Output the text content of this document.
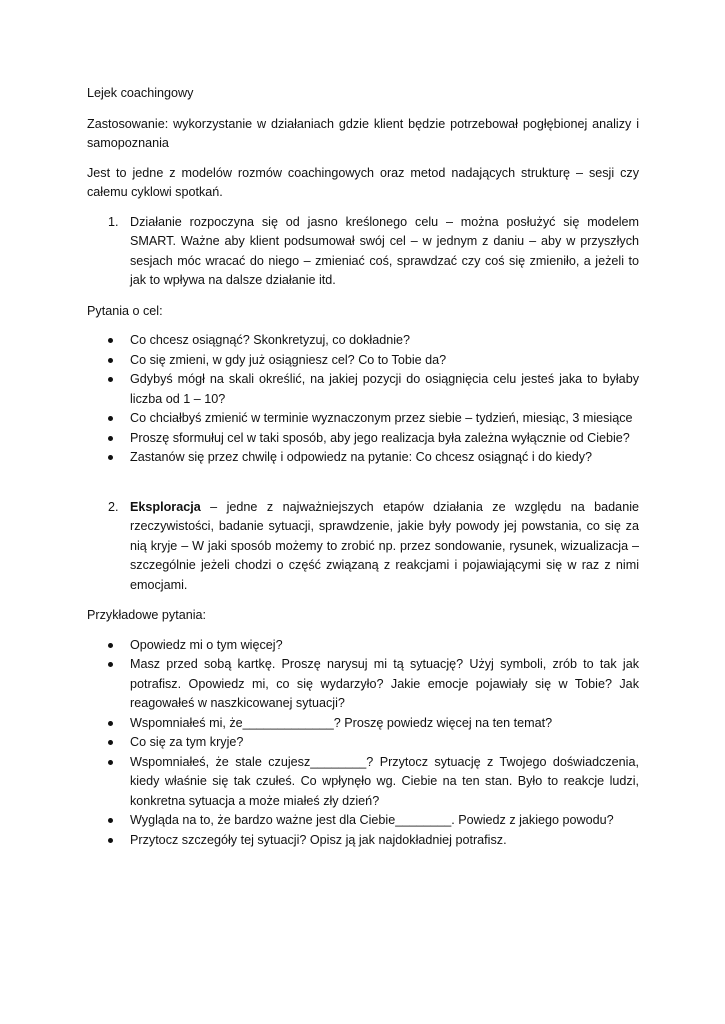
Lejek coachingowy

Zastosowanie: wykorzystanie w działaniach gdzie klient będzie potrzebował pogłębionej analizy i samopoznania

Jest to jedne z modelów rozmów coachingowych oraz metod nadających strukturę – sesji czy całemu cyklowi spotkań.

1. Działanie rozpoczyna się od jasno kreślonego celu – można posłużyć się modelem SMART. Ważne aby klient podsumował swój cel – w jednym z daniu – aby w przyszłych sesjach móc wracać do niego – zmieniać coś, sprawdzać czy coś się zmieniło, a jeżeli to jak to wpływa na dalsze działanie itd.

Pytania o cel:

Co chcesz osiągnąć? Skonkretyzuj, co dokładnie?
Co się zmieni, w gdy już osiągniesz cel? Co to Tobie da?
Gdybyś mógł na skali określić, na jakiej pozycji do osiągnięcia celu jesteś jaka to byłaby liczba od 1 – 10?
Co chciałbyś zmienić w terminie wyznaczonym przez siebie – tydzień, miesiąc, 3 miesiące
Proszę sformułuj cel w taki sposób, aby jego realizacja była zależna wyłącznie od Ciebie?
Zastanów się przez chwilę i odpowiedz na pytanie: Co chcesz osiągnąć i do kiedy?
2. Eksploracja – jedne z najważniejszych etapów działania ze względu na badanie rzeczywistości, badanie sytuacji, sprawdzenie, jakie były powody jej powstania, co się za nią kryje – W jaki sposób możemy to zrobić np. przez sondowanie, rysunek, wizualizacja – szczególnie jeżeli chodzi o część związaną z reakcjami i pojawiającymi się w raz z nimi emocjami.

Przykładowe pytania:

Opowiedz mi o tym więcej?
Masz przed sobą kartkę. Proszę narysuj mi tą sytuację? Użyj symboli, zrób to tak jak potrafisz. Opowiedz mi, co się wydarzyło? Jakie emocje pojawiały się w Tobie? Jak reagowałeś w naszkicowanej sytuacji?
Wspomniałeś mi, że_____________? Proszę powiedz więcej na ten temat?
Co się za tym kryje?
Wspomniałeś, że stale czujesz________? Przytocz sytuację z Twojego doświadczenia, kiedy właśnie się tak czułeś. Co wpłynęło wg. Ciebie na ten stan. Było to reakcje ludzi, konkretna sytuacja a może miałeś zły dzień?
Wygląda na to, że bardzo ważne jest dla Ciebie________. Powiedz z jakiego powodu?
Przytocz szczegóły tej sytuacji? Opisz ją jak najdokładniej potrafisz.
